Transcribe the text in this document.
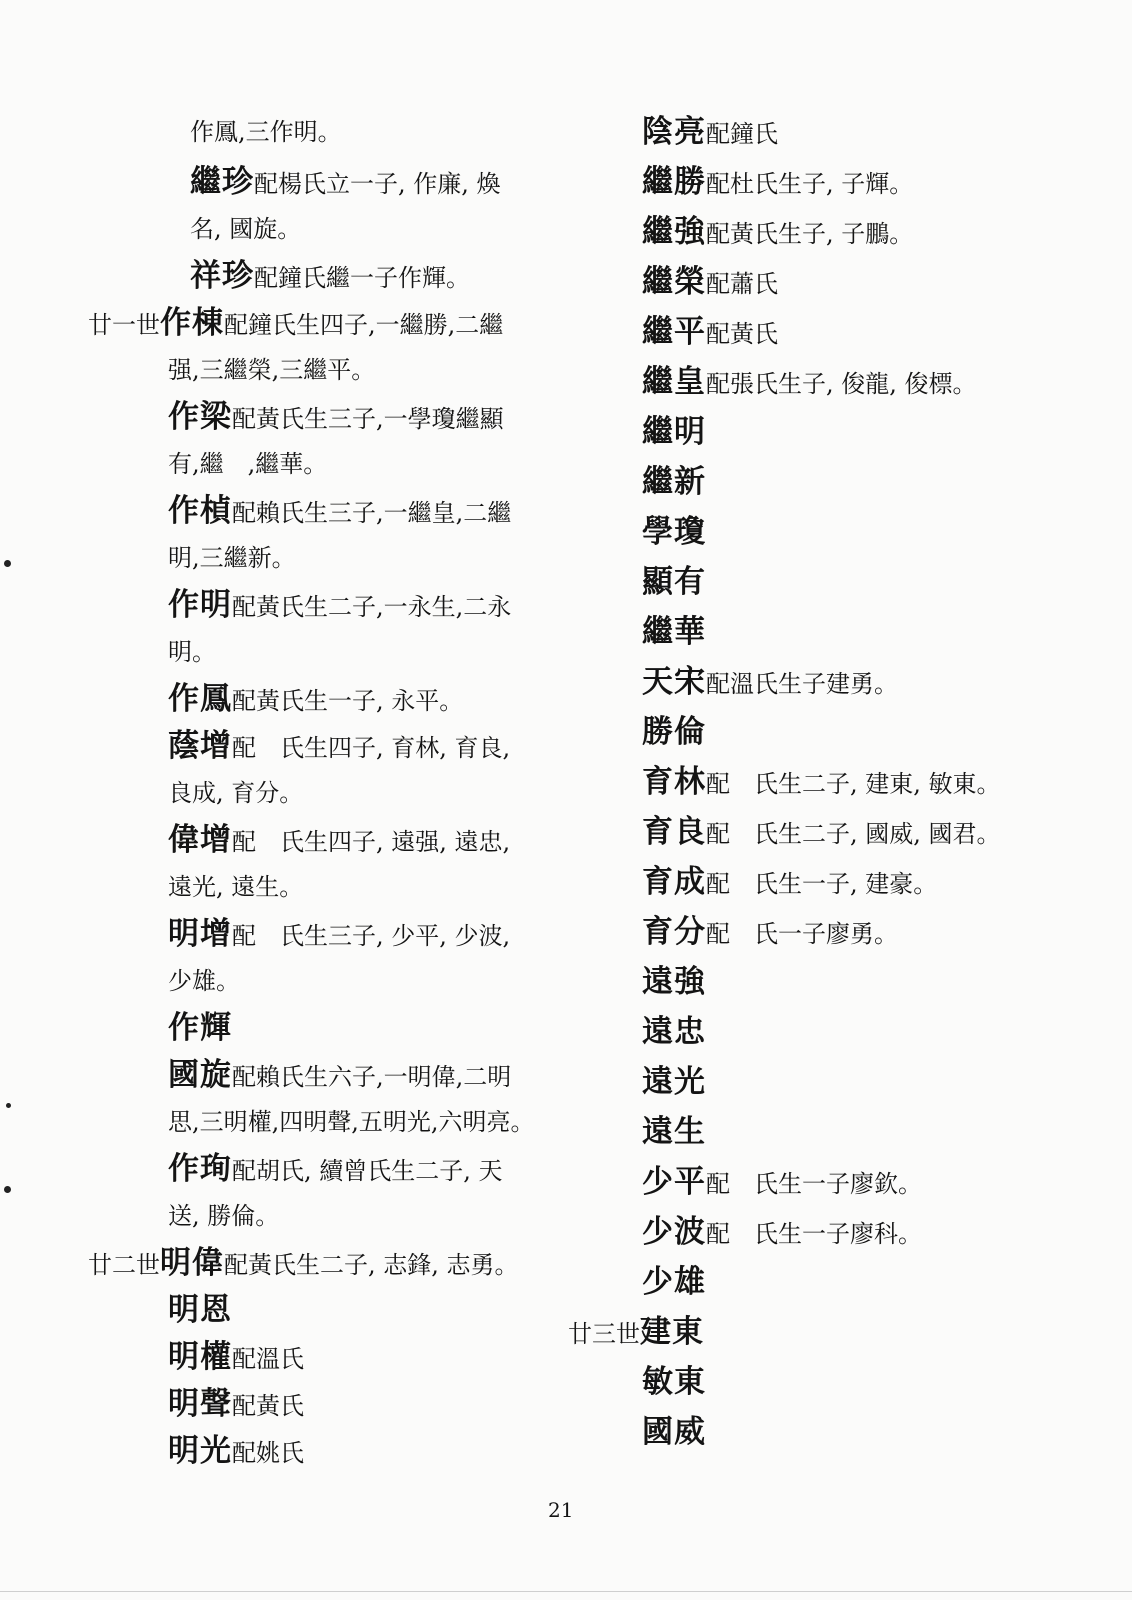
作鳳,三作明。
繼珍配楊氏立一子, 作廉, 煥
名, 國旋。
祥珍配鐘氏繼一子作輝。
廿一世作棟配鐘氏生四子,一繼勝,二繼
强,三繼榮,三繼平。
作梁配黃氏生三子,一學瓊繼顯
有,繼　,繼華。
作楨配賴氏生三子,一繼皇,二繼
明,三繼新。
作明配黃氏生二子,一永生,二永
明。
作鳳配黃氏生一子, 永平。
蔭增配　氏生四子, 育林, 育良,
良成, 育分。
偉增配　氏生四子, 遠强, 遠忠,
遠光, 遠生。
明增配　氏生三子, 少平, 少波,
少雄。
作輝
國旋配賴氏生六子,一明偉,二明
思,三明權,四明聲,五明光,六明亮。
作珣配胡氏, 續曾氏生二子, 天
送, 勝倫。
廿二世明偉配黃氏生二子, 志鋒, 志勇。
明恩
明權配溫氏
明聲配黃氏
明光配姚氏
陰亮配鐘氏
繼勝配杜氏生子, 子輝。
繼強配黃氏生子, 子鵬。
繼榮配蕭氏
繼平配黃氏
繼皇配張氏生子, 俊龍, 俊標。
繼明
繼新
學瓊
顯有
繼華
天宋配溫氏生子建勇。
勝倫
育林配　氏生二子, 建東, 敏東。
育良配　氏生二子, 國威, 國君。
育成配　氏生一子, 建豪。
育分配　氏一子廖勇。
遠強
遠忠
遠光
遠生
少平配　氏生一子廖欽。
少波配　氏生一子廖科。
少雄
廿三世建東
敏東
國威
21
